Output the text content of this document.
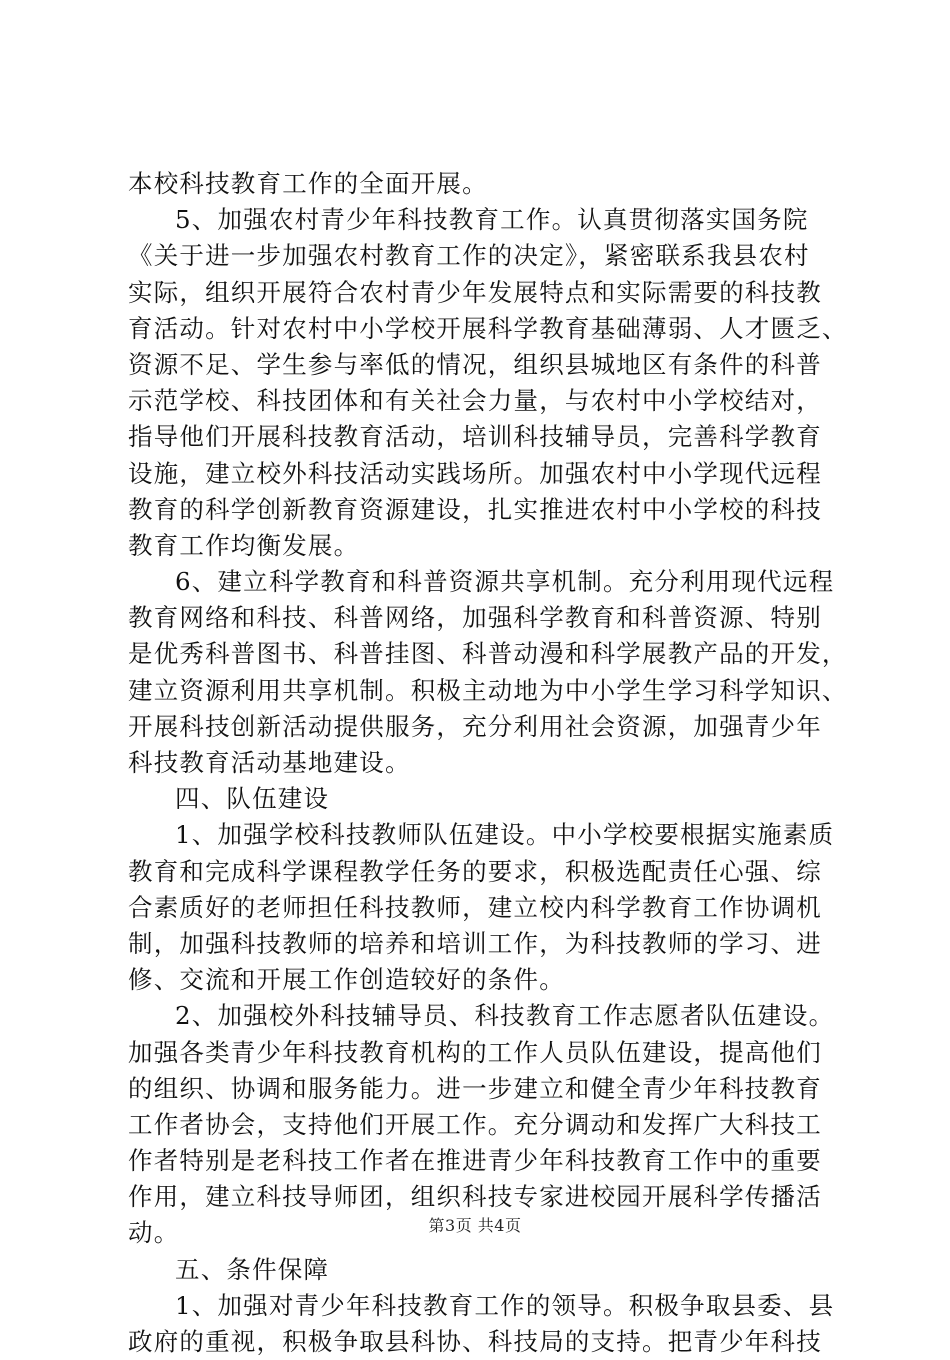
本校科技教育工作的全面开展。
5、加强农村青少年科技教育工作。认真贯彻落实国务院
《关于进一步加强农村教育工作的决定》，紧密联系我县农村
实际，组织开展符合农村青少年发展特点和实际需要的科技教
育活动。针对农村中小学校开展科学教育基础薄弱、人才匮乏、
资源不足、学生参与率低的情况，组织县城地区有条件的科普
示范学校、科技团体和有关社会力量，与农村中小学校结对，
指导他们开展科技教育活动，培训科技辅导员，完善科学教育
设施，建立校外科技活动实践场所。加强农村中小学现代远程
教育的科学创新教育资源建设，扎实推进农村中小学校的科技
教育工作均衡发展。
6、建立科学教育和科普资源共享机制。充分利用现代远程
教育网络和科技、科普网络，加强科学教育和科普资源、特别
是优秀科普图书、科普挂图、科普动漫和科学展教产品的开发，
建立资源利用共享机制。积极主动地为中小学生学习科学知识、
开展科技创新活动提供服务，充分利用社会资源，加强青少年
科技教育活动基地建设。
四、队伍建设
1、加强学校科技教师队伍建设。中小学校要根据实施素质
教育和完成科学课程教学任务的要求，积极选配责任心强、综
合素质好的老师担任科技教师，建立校内科学教育工作协调机
制，加强科技教师的培养和培训工作，为科技教师的学习、进
修、交流和开展工作创造较好的条件。
2、加强校外科技辅导员、科技教育工作志愿者队伍建设。
加强各类青少年科技教育机构的工作人员队伍建设，提高他们
的组织、协调和服务能力。进一步建立和健全青少年科技教育
工作者协会，支持他们开展工作。充分调动和发挥广大科技工
作者特别是老科技工作者在推进青少年科技教育工作中的重要
作用，建立科技导师团，组织科技专家进校园开展科学传播活
动。
五、条件保障
1、加强对青少年科技教育工作的领导。积极争取县委、县
政府的重视，积极争取县科协、科技局的支持。把青少年科技
第3页 共4页
